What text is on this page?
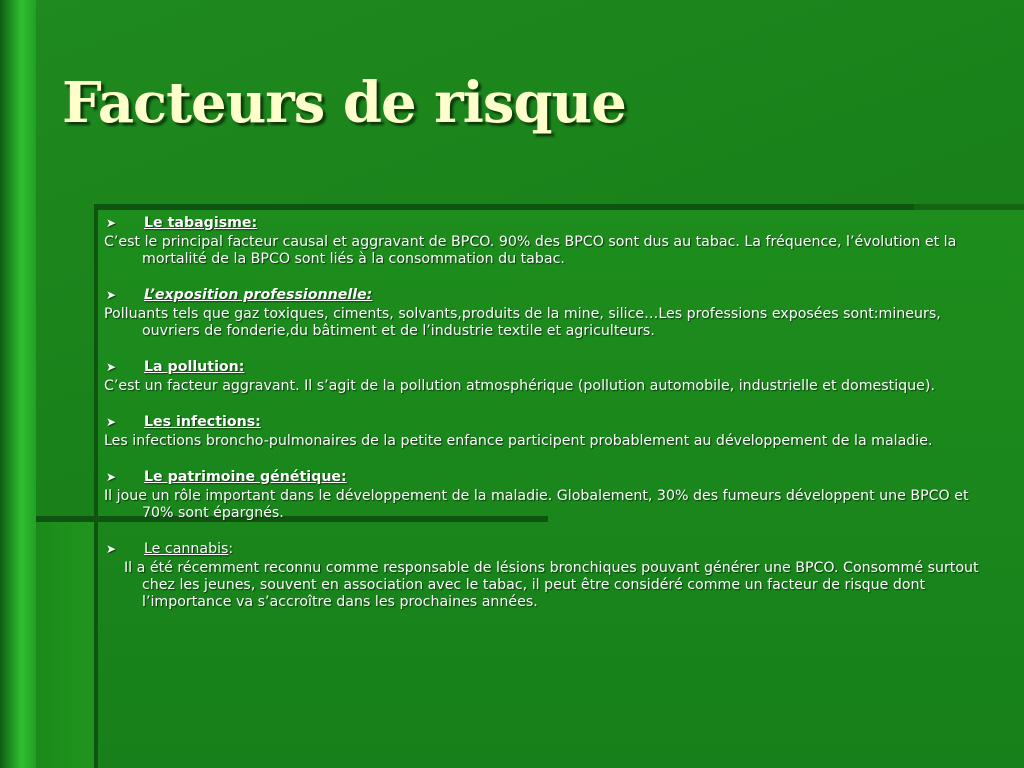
Facteurs de risque
➤	Le tabagisme:

C’est le principal facteur causal et aggravant de BPCO. 90% des BPCO sont dus au tabac. La fréquence, l’évolution et la mortalité de la BPCO sont liés à la consommation du tabac.

➤	L’exposition professionnelle:

Polluants tels que gaz toxiques, ciments, solvants,produits de la mine, silice…Les professions exposées sont:mineurs, ouvriers de fonderie,du bâtiment et de l’industrie textile et agriculteurs.

➤	La pollution:

C’est un facteur aggravant. Il s’agit de la pollution atmosphérique (pollution automobile, industrielle et domestique).

➤	Les infections:

Les infections broncho-pulmonaires de la petite enfance participent probablement au développement de la maladie.

➤	Le patrimoine génétique:

Il joue un rôle important dans le développement de la maladie. Globalement, 30% des fumeurs développent une BPCO et 70% sont épargnés.

➤	Le cannabis :

Il a été récemment reconnu comme responsable de lésions bronchiques pouvant générer une BPCO. Consommé surtout chez les jeunes, souvent en association avec le tabac, il peut être considéré comme un facteur de risque dont l’importance va s’accroître dans les prochaines années.
